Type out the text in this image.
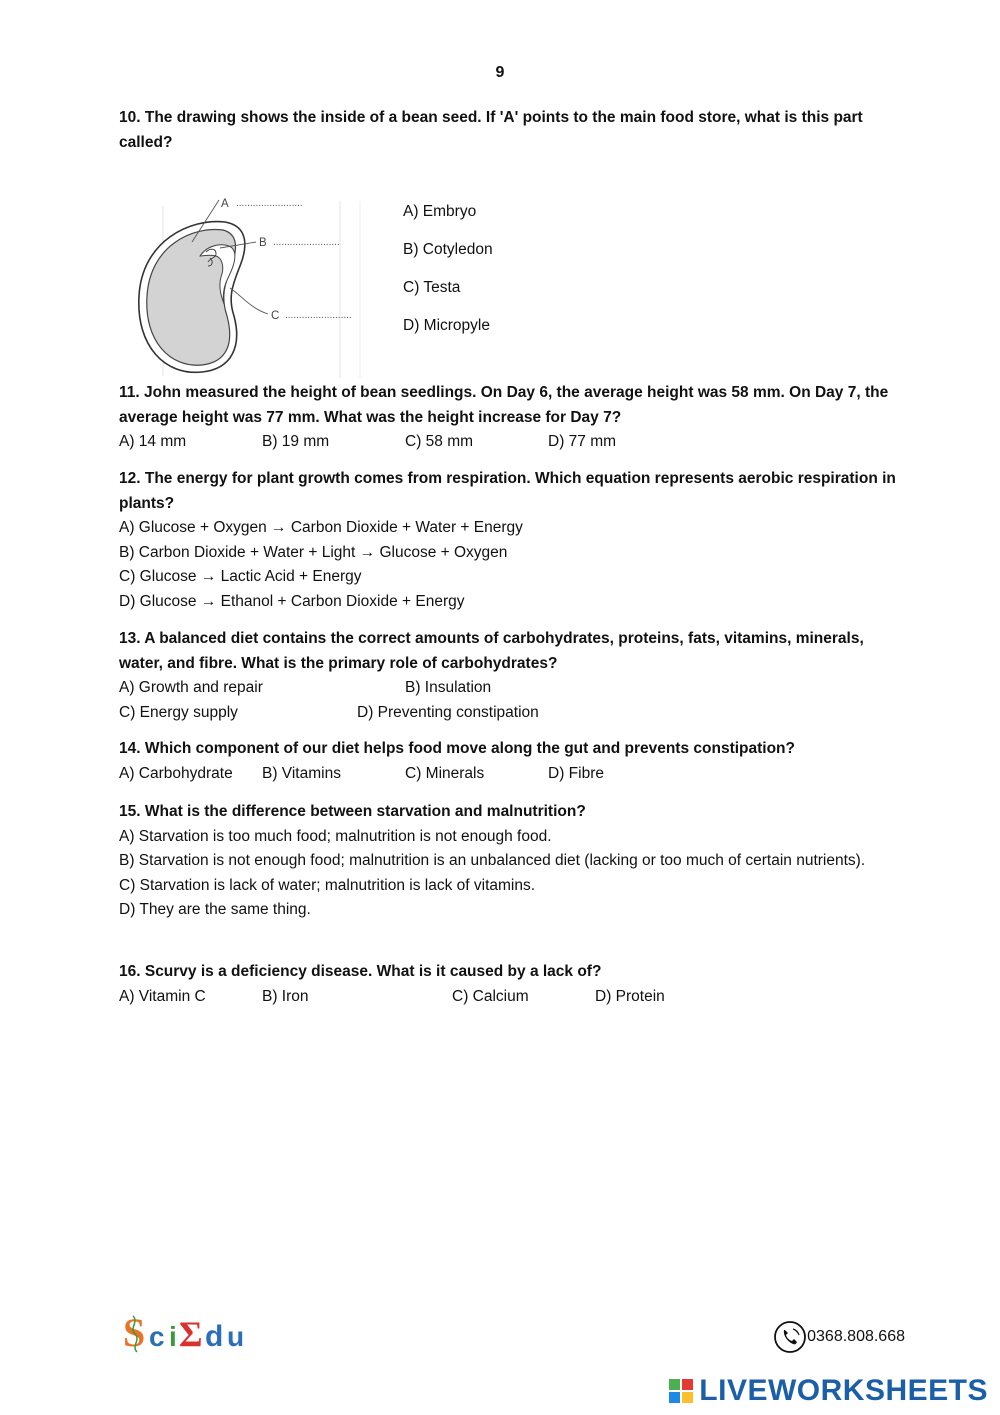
9

10. The drawing shows the inside of a bean seed. If 'A' points to the main food store, what is this part called?

A ........................
B ........................
C ........................
A) Embryo
B) Cotyledon
C) Testa
D) Micropyle

11. John measured the height of bean seedlings. On Day 6, the average height was 58 mm. On Day 7, the average height was 77 mm. What was the height increase for Day 7?

A) 14 mm	B) 19 mm	C) 58 mm	D) 77 mm

12. The energy for plant growth comes from respiration. Which equation represents aerobic respiration in plants?

A) Glucose + Oxygen → Carbon Dioxide + Water + Energy
B) Carbon Dioxide + Water + Light → Glucose + Oxygen
C) Glucose → Lactic Acid + Energy
D) Glucose → Ethanol + Carbon Dioxide + Energy

13. A balanced diet contains the correct amounts of carbohydrates, proteins, fats, vitamins, minerals, water, and fibre. What is the primary role of carbohydrates?

A) Growth and repair	B) Insulation
C) Energy supply	D) Preventing constipation

14. Which component of our diet helps food move along the gut and prevents constipation?

A) Carbohydrate B) Vitamins	C) Minerals	D) Fibre

15. What is the difference between starvation and malnutrition?

A) Starvation is too much food; malnutrition is not enough food.
B) Starvation is not enough food; malnutrition is an unbalanced diet (lacking or too much of certain nutrients).
C) Starvation is lack of water; malnutrition is lack of vitamins.
D) They are the same thing.

16. Scurvy is a deficiency disease. What is it caused by a lack of?

A) Vitamin C	B) Iron	C) Calcium	D) Protein
S c i Σ d u	0368.808.668
LIVEWORKSHEETS
